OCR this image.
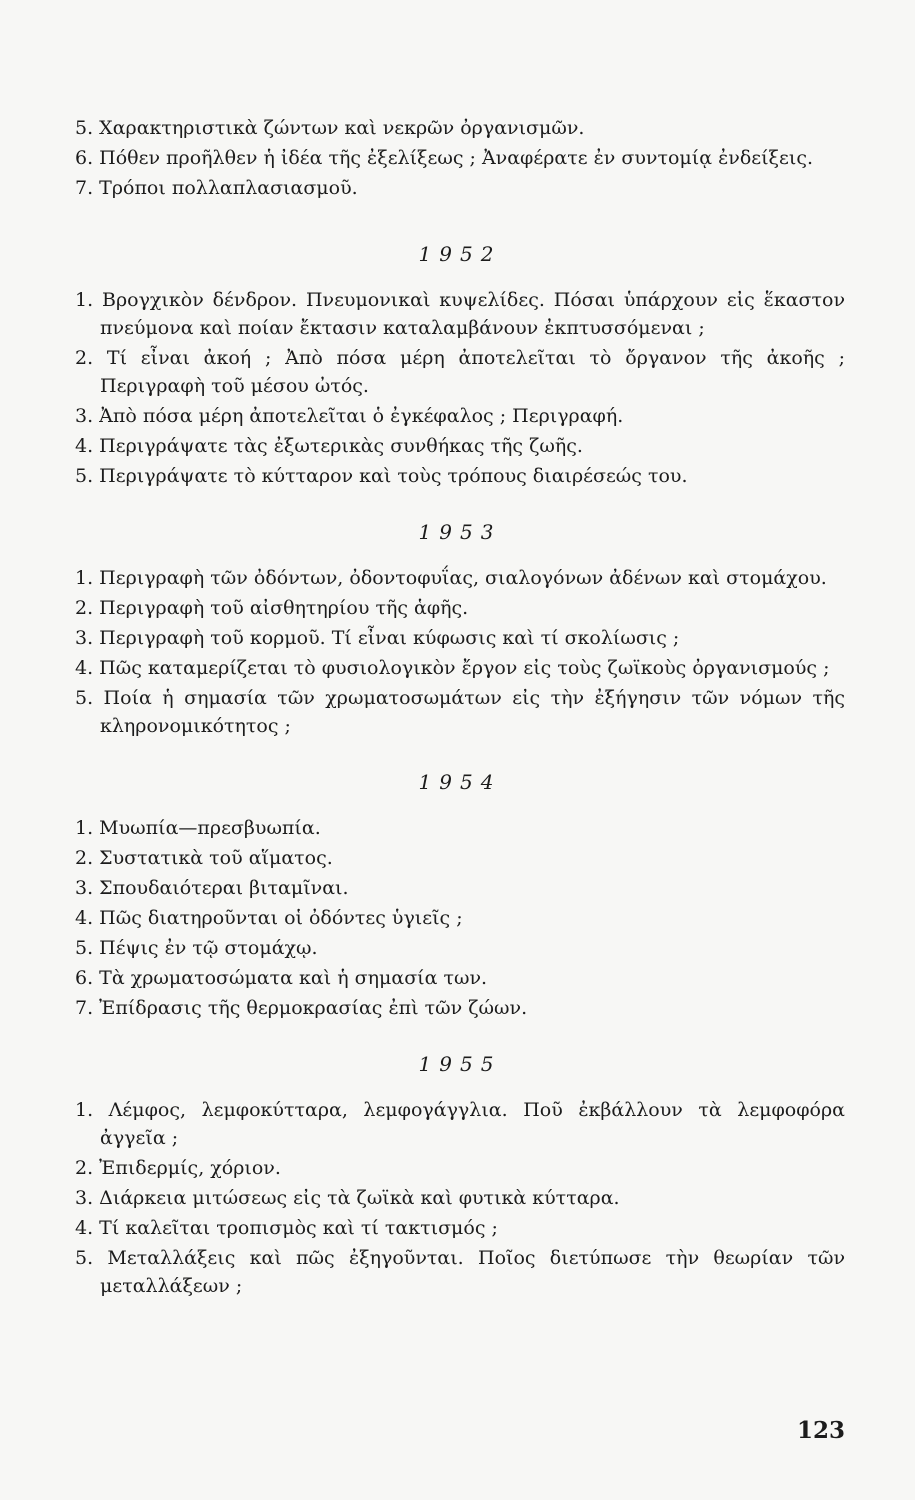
5. Χαρακτηριστικὰ ζώντων καὶ νεκρῶν ὀργανισμῶν.

6. Πόθεν προῆλθεν ἡ ἰδέα τῆς ἐξελίξεως ; Ἀναφέρατε ἐν συντομίᾳ ἐνδείξεις.

7. Τρόποι πολλαπλασιασμοῦ.

1952

1. Βρογχικὸν δένδρον. Πνευμονικαὶ κυψελίδες. Πόσαι ὑπάρχουν εἰς ἕκαστον πνεύμονα καὶ ποίαν ἔκτασιν καταλαμβάνουν ἐκπτυσσόμεναι ;

2. Τί εἶναι ἀκοή ; Ἀπὸ πόσα μέρη ἀποτελεῖται τὸ ὄργανον τῆς ἀκοῆς ; Περιγραφὴ τοῦ μέσου ὠτός.

3. Ἀπὸ πόσα μέρη ἀποτελεῖται ὁ ἐγκέφαλος ; Περιγραφή.

4. Περιγράψατε τὰς ἐξωτερικὰς συνθήκας τῆς ζωῆς.

5. Περιγράψατε τὸ κύτταρον καὶ τοὺς τρόπους διαιρέσεώς του.

1953

1. Περιγραφὴ τῶν ὀδόντων, ὀδοντοφυΐας, σιαλογόνων ἀδένων καὶ στομάχου.

2. Περιγραφὴ τοῦ αἰσθητηρίου τῆς ἁφῆς.

3. Περιγραφὴ τοῦ κορμοῦ. Τί εἶναι κύφωσις καὶ τί σκολίωσις ;

4. Πῶς καταμερίζεται τὸ φυσιολογικὸν ἔργον εἰς τοὺς ζωϊκοὺς ὀργανισμούς ;

5. Ποία ἡ σημασία τῶν χρωματοσωμάτων εἰς τὴν ἐξήγησιν τῶν νόμων τῆς κληρονομικότητος ;

1954

1. Μυωπία—πρεσβυωπία.

2. Συστατικὰ τοῦ αἵματος.

3. Σπουδαιότεραι βιταμῖναι.

4. Πῶς διατηροῦνται οἱ ὀδόντες ὑγιεῖς ;

5. Πέψις ἐν τῷ στομάχῳ.

6. Τὰ χρωματοσώματα καὶ ἡ σημασία των.

7. Ἐπίδρασις τῆς θερμοκρασίας ἐπὶ τῶν ζώων.

1955

1. Λέμφος, λεμφοκύτταρα, λεμφογάγγλια. Ποῦ ἐκβάλλουν τὰ λεμφοφόρα ἀγγεῖα ;

2. Ἐπιδερμίς, χόριον.

3. Διάρκεια μιτώσεως εἰς τὰ ζωϊκὰ καὶ φυτικὰ κύτταρα.

4. Τί καλεῖται τροπισμὸς καὶ τί τακτισμός ;

5. Μεταλλάξεις καὶ πῶς ἐξηγοῦνται. Ποῖος διετύπωσε τὴν θεωρίαν τῶν μεταλλάξεων ;

123
